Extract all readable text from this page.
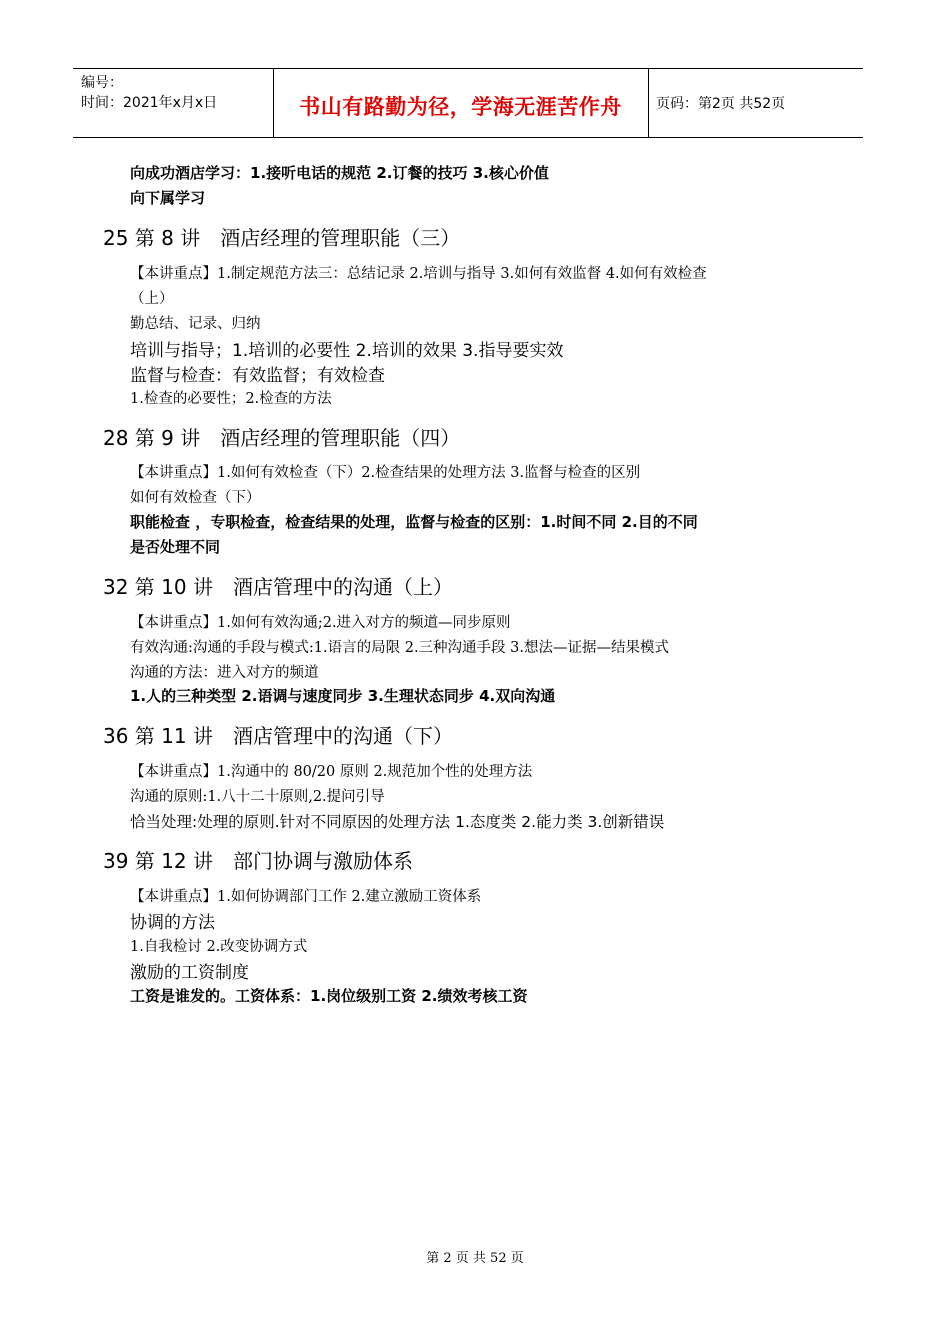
编号：
时间：2021年x月x日	书山有路勤为径，学海无涯苦作舟	页码：第2页 共52页
向成功酒店学习：1.接听电话的规范 2.订餐的技巧 3.核心价值
向下属学习
25 第 8 讲　酒店经理的管理职能（三）
【本讲重点】1.制定规范方法三：总结记录 2.培训与指导 3.如何有效监督 4.如何有效检查
（上）
勤总结、记录、归纳
培训与指导；1.培训的必要性 2.培训的效果 3.指导要实效
监督与检查：有效监督；有效检查
1.检查的必要性；2.检查的方法
28 第 9 讲　酒店经理的管理职能（四）
【本讲重点】1.如何有效检查（下）2.检查结果的处理方法 3.监督与检查的区别
如何有效检查（下）
职能检查 ，专职检查，检查结果的处理，监督与检查的区别：1.时间不同 2.目的不同
是否处理不同
32 第 10 讲　酒店管理中的沟通（上）
【本讲重点】1.如何有效沟通;2.进入对方的频道—同步原则
有效沟通:沟通的手段与模式:1.语言的局限 2.三种沟通手段 3.想法—证据—结果模式
沟通的方法：进入对方的频道
1.人的三种类型 2.语调与速度同步 3.生理状态同步 4.双向沟通
36 第 11 讲　酒店管理中的沟通（下）
【本讲重点】1.沟通中的 80/20 原则 2.规范加个性的处理方法
沟通的原则:1.八十二十原则,2.提问引导
恰当处理:处理的原则.针对不同原因的处理方法 1.态度类 2.能力类 3.创新错误
39 第 12 讲　部门协调与激励体系
【本讲重点】1.如何协调部门工作 2.建立激励工资体系
协调的方法
1.自我检讨 2.改变协调方式
激励的工资制度
工资是谁发的。工资体系：1.岗位级别工资 2.绩效考核工资
第 2 页 共 52 页
